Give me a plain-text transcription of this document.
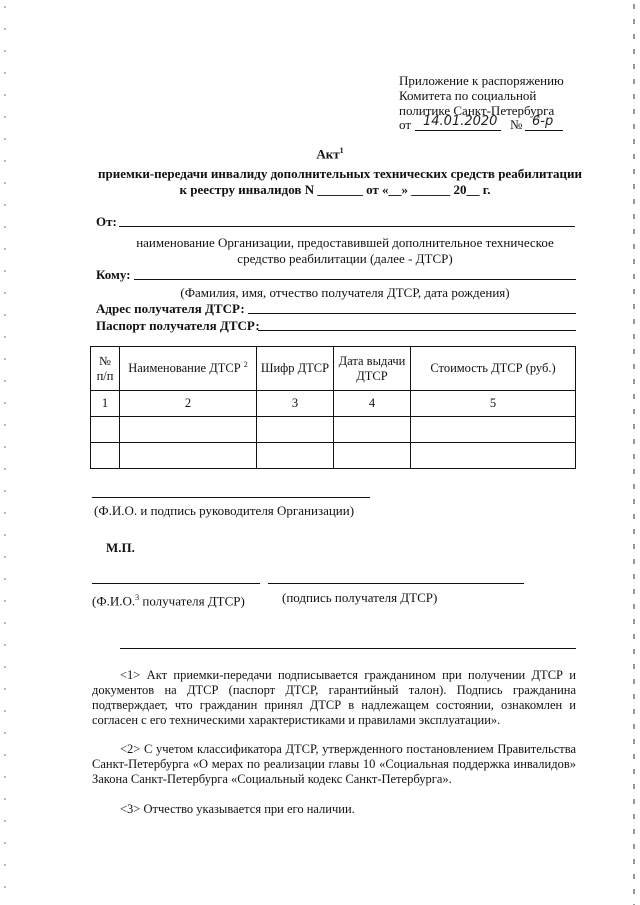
Приложение к распоряжению
Комитета по социальной
политике Санкт-Петербурга
от 14.01.2020 № 6-р
Акт$^1$
приемки-передачи инвалиду дополнительных технических средств реабилитации
к реестру инвалидов N _______ от «__» ______ 20__ г.
От:
наименование Организации, предоставившей дополнительное техническое
средство реабилитации (далее - ДТСР)
Кому:
(Фамилия, имя, отчество получателя ДТСР, дата рождения)
Адрес получателя ДТСР:
Паспорт получателя ДТСР:
№ п/п	Наименование ДТСР $^2$	Шифр ДТСР	Дата выдачи ДТСР	Стоимость ДТСР (руб.)
1	2	3	4	5

(Ф.И.О. и подпись руководителя Организации)
М.П.
(Ф.И.О.$^3$ получателя ДТСР)	(подпись получателя ДТСР)
<1> Акт приемки-передачи подписывается гражданином при получении ДТСР и документов на ДТСР (паспорт ДТСР, гарантийный талон). Подпись гражданина подтверждает, что гражданин принял ДТСР в надлежащем состоянии, ознакомлен и согласен с его техническими характеристиками и правилами эксплуатации».
<2> С учетом классификатора ДТСР, утвержденного постановлением Правительства Санкт-Петербурга «О мерах по реализации главы 10 «Социальная поддержка инвалидов» Закона Санкт-Петербурга «Социальный кодекс Санкт-Петербурга».
<3> Отчество указывается при его наличии.
